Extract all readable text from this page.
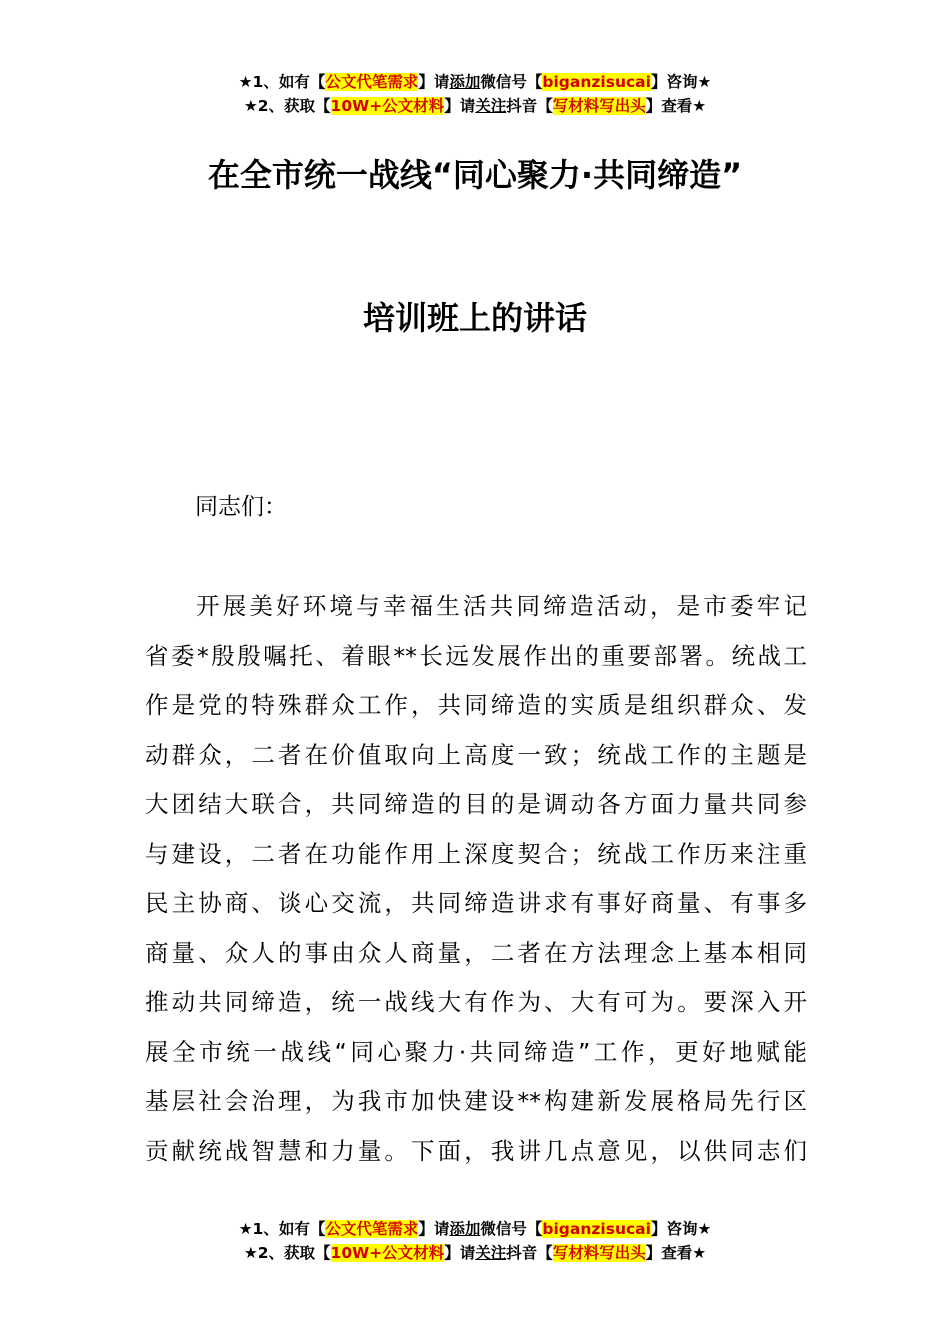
★1、如有【公文代笔需求】请添加微信号【biganzisucai】咨询★
★2、获取【10W+公文材料】请关注抖音【写材料写出头】查看★
在全市统一战线“同心聚力·共同缔造”
培训班上的讲话
同志们：
开展美好环境与幸福生活共同缔造活动，是市委牢记
省委*殷殷嘱托、着眼**长远发展作出的重要部署。统战工
作是党的特殊群众工作，共同缔造的实质是组织群众、发
动群众，二者在价值取向上高度一致；统战工作的主题是
大团结大联合，共同缔造的目的是调动各方面力量共同参
与建设，二者在功能作用上深度契合；统战工作历来注重
民主协商、谈心交流，共同缔造讲求有事好商量、有事多
商量、众人的事由众人商量，二者在方法理念上基本相同
推动共同缔造，统一战线大有作为、大有可为。要深入开
展全市统一战线“同心聚力·共同缔造”工作，更好地赋能
基层社会治理，为我市加快建设**构建新发展格局先行区
贡献统战智慧和力量。下面，我讲几点意见，以供同志们
★1、如有【公文代笔需求】请添加微信号【biganzisucai】咨询★
★2、获取【10W+公文材料】请关注抖音【写材料写出头】查看★
